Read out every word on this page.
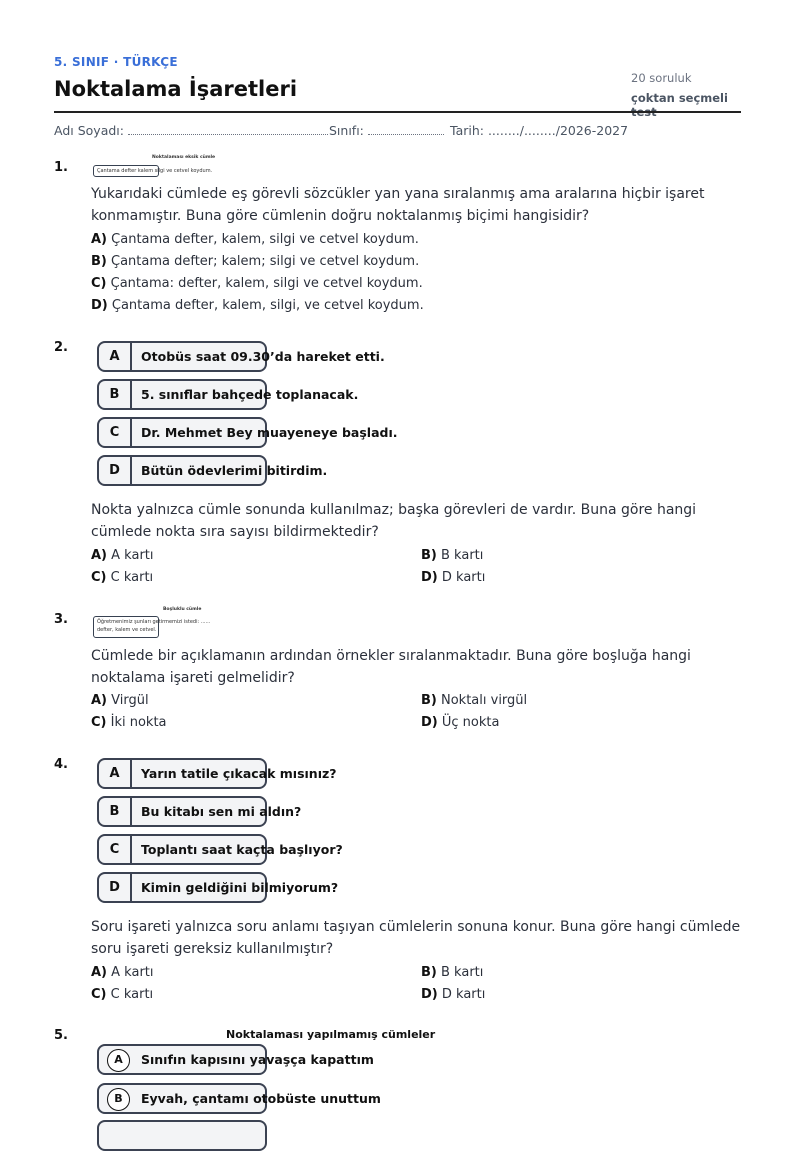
5. SINIF · TÜRKÇE
Noktalama İşaretleri	20 soruluk
çoktan seçmeli
Adı Soyadı:	Sınıfı:	Tarih: ......../......../2026-2027
1.
Noktalaması eksik cümle
Çantama defter kalem silgi ve cetvel koydum.
Yukarıdaki cümlede eş görevli sözcükler yan yana sıralanmış ama aralarına hiçbir işaret konmamıştır. Buna göre cümlenin doğru noktalanmış biçimi hangisidir?
A) Çantama defter, kalem, silgi ve cetvel koydum.
B) Çantama defter; kalem; silgi ve cetvel koydum.
C) Çantama: defter, kalem, silgi ve cetvel koydum.
D) Çantama defter, kalem, silgi, ve cetvel koydum.
2.
A	Otobüs saat 09.30’da hareket etti.
B	5. sınıflar bahçede toplanacak.
C	Dr. Mehmet Bey muayeneye başladı.
D	Bütün ödevlerimi bitirdim.
Nokta yalnızca cümle sonunda kullanılmaz; başka görevleri de vardır. Buna göre hangi cümlede nokta sıra sayısı bildirmektedir?
A) A kartı	B) B kartı
C) C kartı	D) D kartı
3.
Boşluklu cümle
Öğretmenimiz şunları getirmemizi istedi: ......
defter, kalem ve cetvel.
Cümlede bir açıklamanın ardından örnekler sıralanmaktadır. Buna göre boşluğa hangi noktalama işareti gelmelidir?
A) Virgül	B) Noktalı virgül
C) İki nokta	D) Üç nokta
4.
A	Yarın tatile çıkacak mısınız?
B	Bu kitabı sen mi aldın?
C	Toplantı saat kaçta başlıyor?
D	Kimin geldiğini bilmiyorum?
Soru işareti yalnızca soru anlamı taşıyan cümlelerin sonuna konur. Buna göre hangi cümlede soru işareti gereksiz kullanılmıştır?
A) A kartı	B) B kartı
C) C kartı	D) D kartı
5.	Noktalaması yapılmamış cümleler
A	Sınıfın kapısını yavaşça kapattım
B	Eyvah, çantamı otobüste unuttum
